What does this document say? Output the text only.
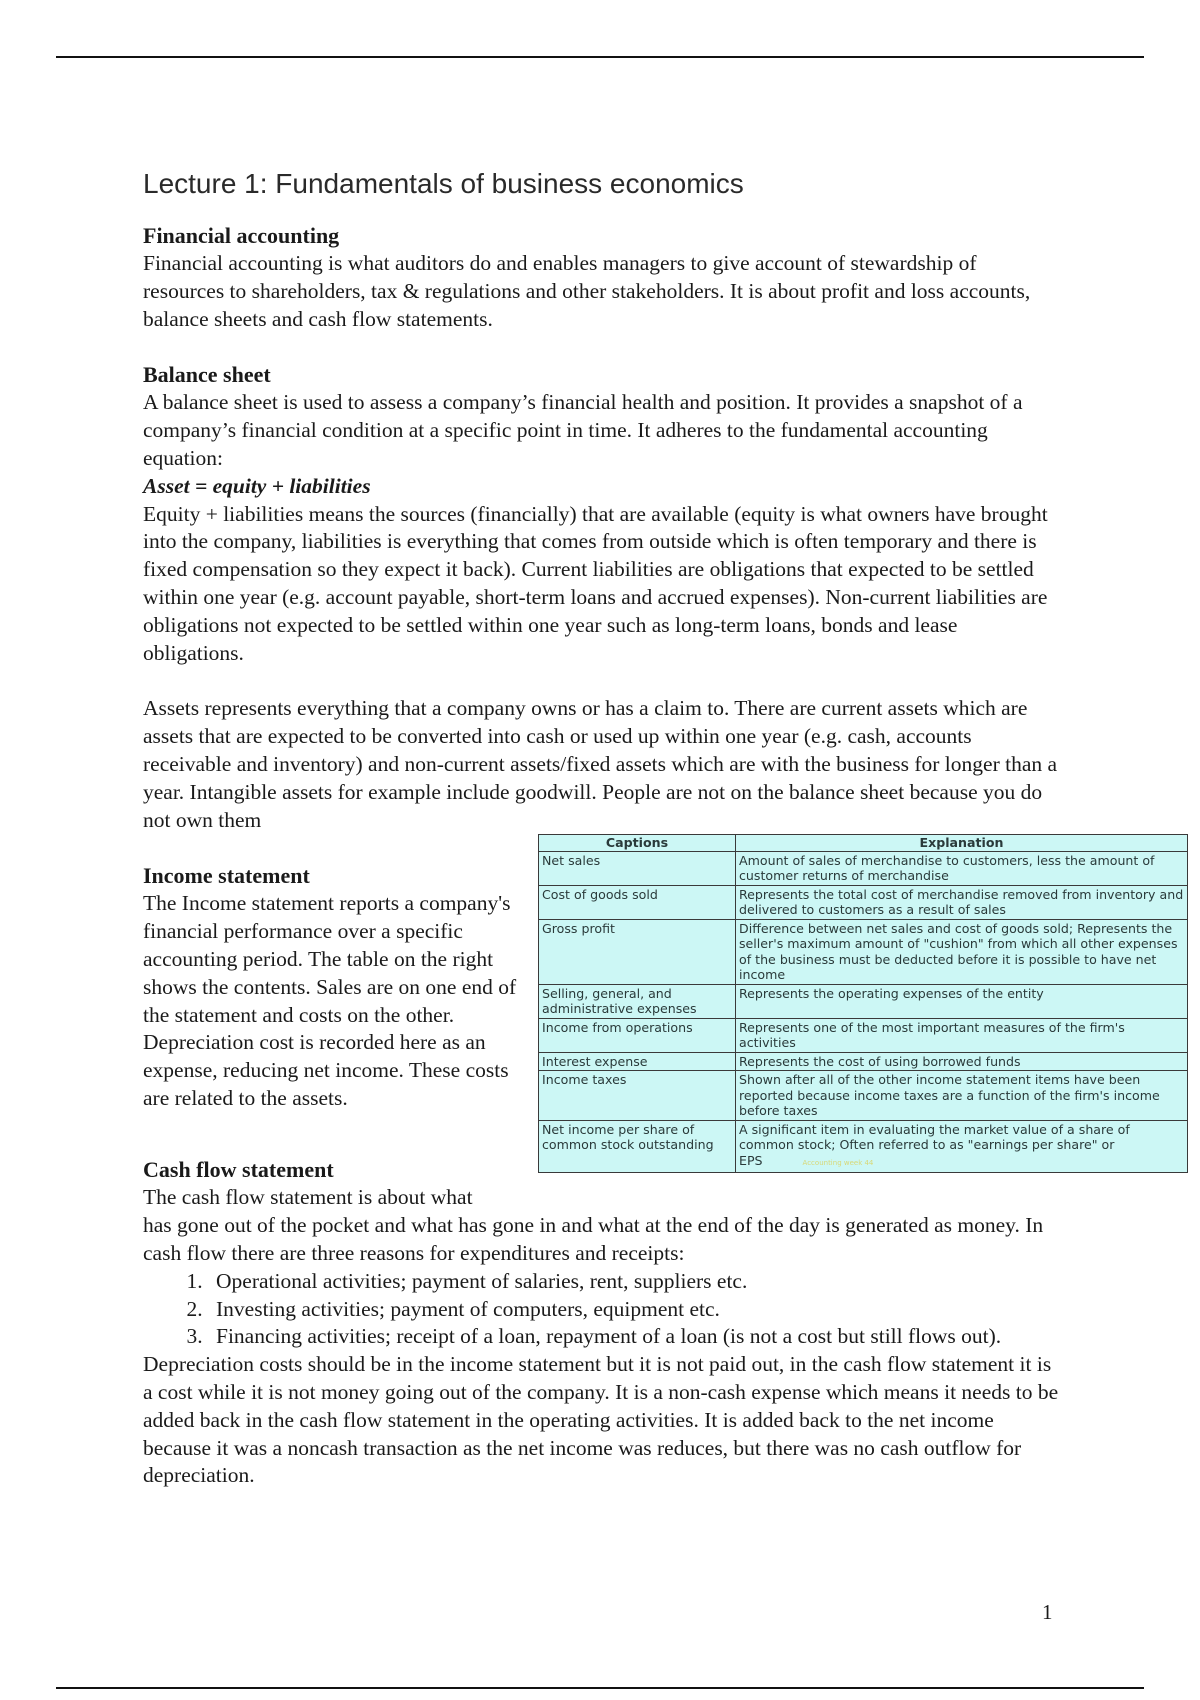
Lecture 1: Fundamentals of business economics

Financial accounting

Financial accounting is what auditors do and enables managers to give account of stewardship of resources to shareholders, tax & regulations and other stakeholders. It is about profit and loss accounts, balance sheets and cash flow statements.

Balance sheet

A balance sheet is used to assess a company’s financial health and position. It provides a snapshot of a company’s financial condition at a specific point in time. It adheres to the fundamental accounting equation:

Asset = equity + liabilities

Equity + liabilities means the sources (financially) that are available (equity is what owners have brought into the company, liabilities is everything that comes from outside which is often temporary and there is fixed compensation so they expect it back). Current liabilities are obligations that expected to be settled within one year (e.g. account payable, short-term loans and accrued expenses). Non-current liabilities are obligations not expected to be settled within one year such as long-term loans, bonds and lease obligations.

Assets represents everything that a company owns or has a claim to. There are current assets which are assets that are expected to be converted into cash or used up within one year (e.g. cash, accounts receivable and inventory) and non-current assets/fixed assets which are with the business for longer than a year. Intangible assets for example include goodwill. People are not on the balance sheet because you do not own them

Income statement

The Income statement reports a company's financial performance over a specific accounting period. The table on the right shows the contents. Sales are on one end of the statement and costs on the other. Depreciation cost is recorded here as an expense, reducing net income. These costs are related to the assets.

Captions	Explanation
Net sales	Amount of sales of merchandise to customers, less the amount of customer returns of merchandise
Cost of goods sold	Represents the total cost of merchandise removed from inventory and delivered to customers as a result of sales
Gross profit	Difference between net sales and cost of goods sold; Represents the seller's maximum amount of "cushion" from which all other expenses of the business must be deducted before it is possible to have net income
Selling, general, and administrative expenses	Represents the operating expenses of the entity
Income from operations	Represents one of the most important measures of the firm's activities
Interest expense	Represents the cost of using borrowed funds
Income taxes	Shown after all of the other income statement items have been reported because income taxes are a function of the firm's income before taxes
Net income per share of common stock outstanding	A significant item in evaluating the market value of a share of common stock; Often referred to as "earnings per share" or EPS Accounting week 44

Cash flow statement

The cash flow statement is about what

has gone out of the pocket and what has gone in and what at the end of the day is generated as money. In cash flow there are three reasons for expenditures and receipts:

1. Operational activities; payment of salaries, rent, suppliers etc.
2. Investing activities; payment of computers, equipment etc.
3. Financing activities; receipt of a loan, repayment of a loan (is not a cost but still flows out).

Depreciation costs should be in the income statement but it is not paid out, in the cash flow statement it is a cost while it is not money going out of the company. It is a non-cash expense which means it needs to be added back in the cash flow statement in the operating activities. It is added back to the net income because it was a noncash transaction as the net income was reduces, but there was no cash outflow for depreciation.

1
